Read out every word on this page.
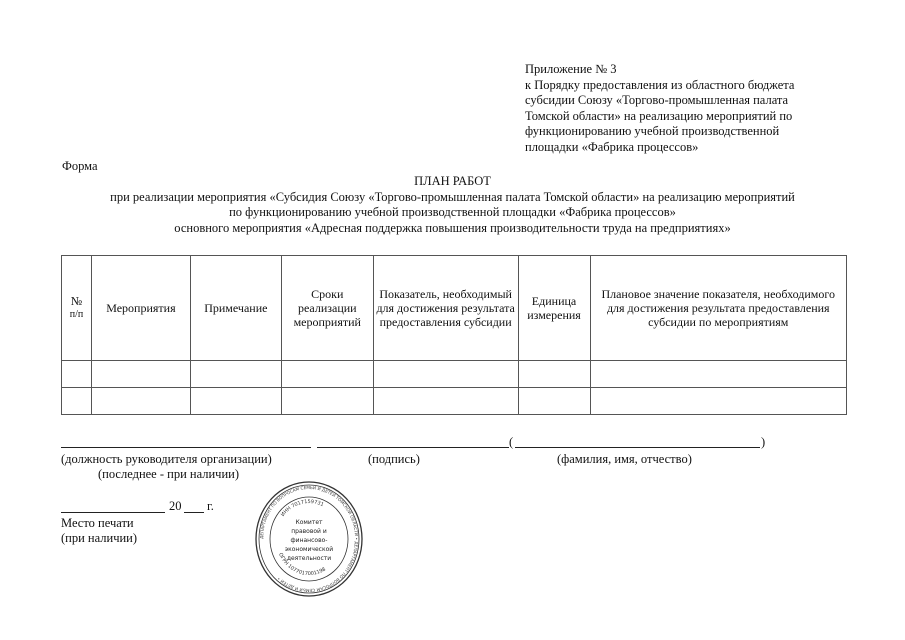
Приложение № 3
к Порядку предоставления из областного бюджета
субсидии Союзу «Торгово-промышленная палата
Томской области» на реализацию мероприятий по
функционированию учебной производственной
площадки «Фабрика процессов»
Форма
ПЛАН РАБОТ
при реализации мероприятия «Субсидия Союзу «Торгово-промышленная палата Томской области» на реализацию мероприятий
по функционированию учебной производственной площадки «Фабрика процессов»
основного мероприятия «Адресная поддержка повышения производительности труда на предприятиях»
№
п/п	Мероприятия	Примечание	Сроки реализации мероприятий	Показатель, необходимый для достижения результата предоставления субсидии	Единица измерения	Плановое значение показателя, необходимого для достижения результата предоставления субсидии по мероприятиям

(	)
(должность руководителя организации)
(последнее - при наличии)
(подпись)	(фамилия, имя, отчество)
20 г.
Место печати
(при наличии)	ДЕПАРТАМЕНТ ПО ВОПРОСАМ СЕМЬИ И ДЕТЕЙ ТОМСКОЙ ОБЛАСТИ • ДЕПАРТАМЕНТ ПО ВОПРОСАМ СЕМЬИ И ДЕТЕЙ •
ИНН 7017159731
ОГРН 1077017001198
Комитет
правовой и
финансово-
экономической
деятельности
